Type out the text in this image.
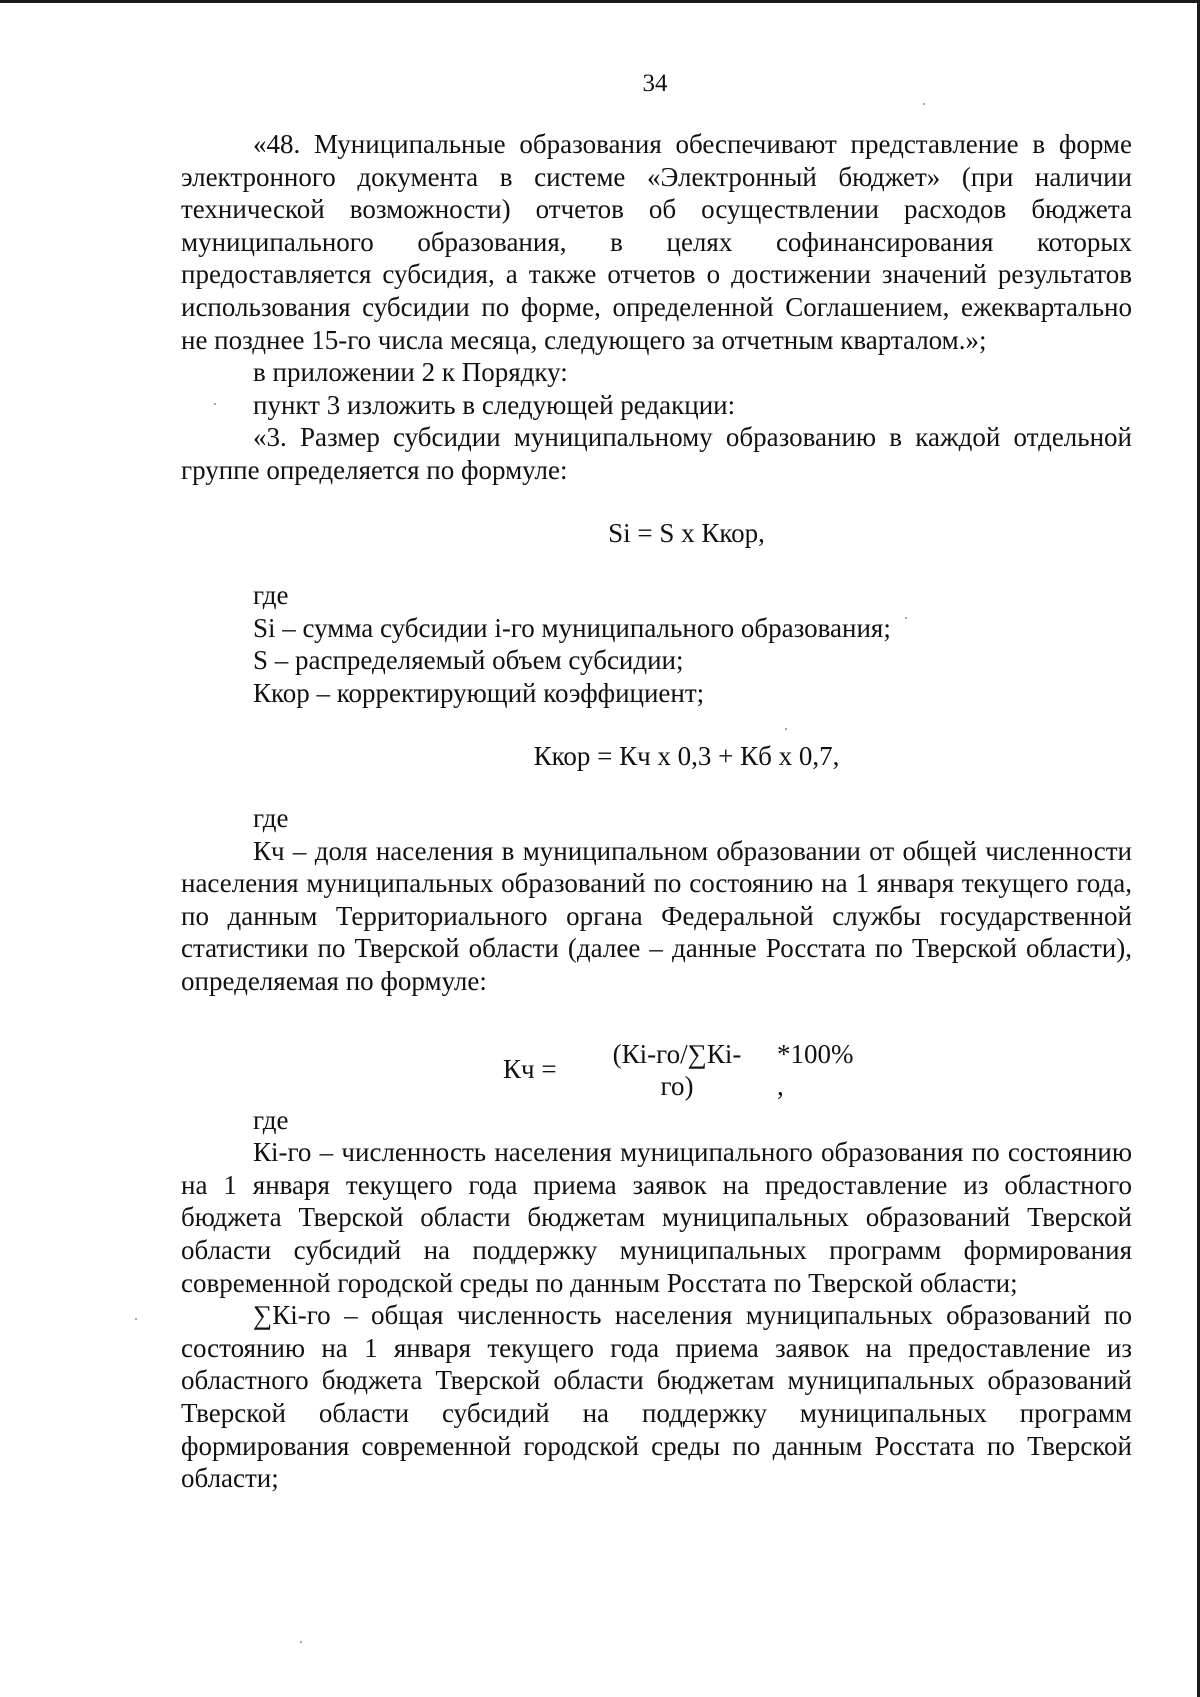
34

«48. Муниципальные образования обеспечивают представление в форме электронного документа в системе «Электронный бюджет» (при наличии технической возможности) отчетов об осуществлении расходов бюджета муниципального образования, в целях софинансирования которых предоставляется субсидия, а также отчетов о достижении значений результатов использования субсидии по форме, определенной Соглашением, ежеквартально не позднее 15-го числа месяца, следующего за отчетным кварталом.»;

в приложении 2 к Порядку:

пункт 3 изложить в следующей редакции:

«3. Размер субсидии муниципальному образованию в каждой отдельной группе определяется по формуле:

Si = S x Ккор,

где

Si – сумма субсидии i-го муниципального образования;

S – распределяемый объем субсидии;

Ккор – корректирующий коэффициент;

Ккор = Кч x 0,3 + Кб x 0,7,

где

Кч – доля населения в муниципальном образовании от общей численности населения муниципальных образований по состоянию на 1 января текущего года, по данным Территориального органа Федеральной службы государственной статистики по Тверской области (далее – данные Росстата по Тверской области), определяемая по формуле:

Кч =	(Кi-го/∑Кi-
го)
*100%
,

где

Кi-го – численность населения муниципального образования по состоянию на 1 января текущего года приема заявок на предоставление из областного бюджета Тверской области бюджетам муниципальных образований Тверской области субсидий на поддержку муниципальных программ формирования современной городской среды по данным Росстата по Тверской области;

∑Кi-го – общая численность населения муниципальных образований по состоянию на 1 января текущего года приема заявок на предоставление из областного бюджета Тверской области бюджетам муниципальных образований Тверской области субсидий на поддержку муниципальных программ формирования современной городской среды по данным Росстата по Тверской области;
